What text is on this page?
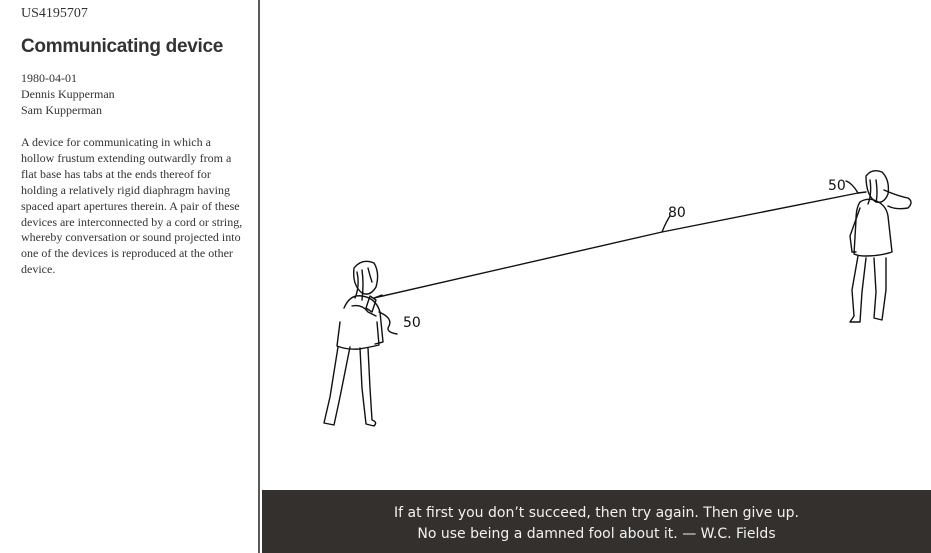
US4195707
Communicating device
1980-04-01
Dennis Kupperman
Sam Kupperman
A device for communicating in which a hollow frustum extending outwardly from a flat base has tabs at the ends thereof for holding a relatively rigid diaphragm having spaced apart apertures therein. A pair of these devices are interconnected by a cord or string, whereby conversation or sound projected into one of the devices is reproduced at the other device.
80
50
50
If at first you don’t succeed, then try again. Then give up.
No use being a damned fool about it. — W.C. Fields
